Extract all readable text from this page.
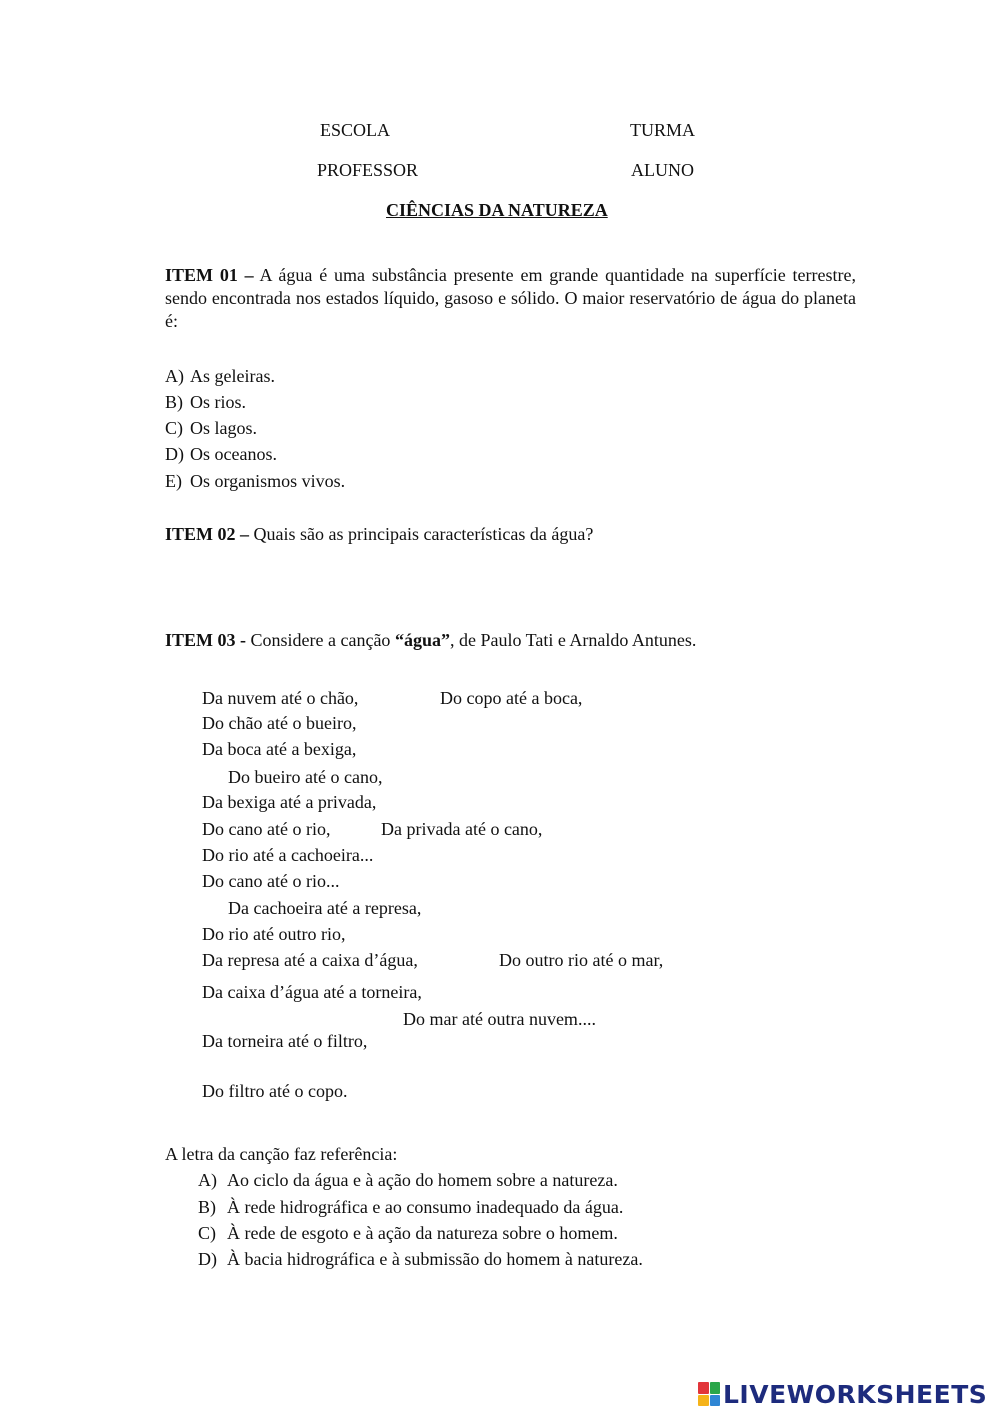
ESCOLA	TURMA
PROFESSOR	ALUNO
CIÊNCIAS DA NATUREZA
ITEM 01 – A água é uma substância presente em grande quantidade na superfície terrestre, sendo encontrada nos estados líquido, gasoso e sólido. O maior reservatório de água do planeta é:
A) As geleiras.
B) Os rios.
C) Os lagos.
D) Os oceanos.
E) Os organismos vivos.
ITEM 02 – Quais são as principais características da água?
ITEM 03 - Considere a canção “água”, de Paulo Tati e Arnaldo Antunes.
Da nuvem até o chão,	Do copo até a boca,
Do chão até o bueiro,
Da boca até a bexiga,
Do bueiro até o cano,
Da bexiga até a privada,
Do cano até o rio,	Da privada até o cano,
Do rio até a cachoeira...
Do cano até o rio...
Da cachoeira até a represa,
Do rio até outro rio,
Da represa até a caixa d’água,	Do outro rio até o mar,
Da caixa d’água até a torneira,
Do mar até outra nuvem....
Da torneira até o filtro,
Do filtro até o copo.
A letra da canção faz referência:
A) Ao ciclo da água e à ação do homem sobre a natureza.
B) À rede hidrográfica e ao consumo inadequado da água.
C) À rede de esgoto e à ação da natureza sobre o homem.
D) À bacia hidrográfica e à submissão do homem à natureza.
LIVEWORKSHEETS
